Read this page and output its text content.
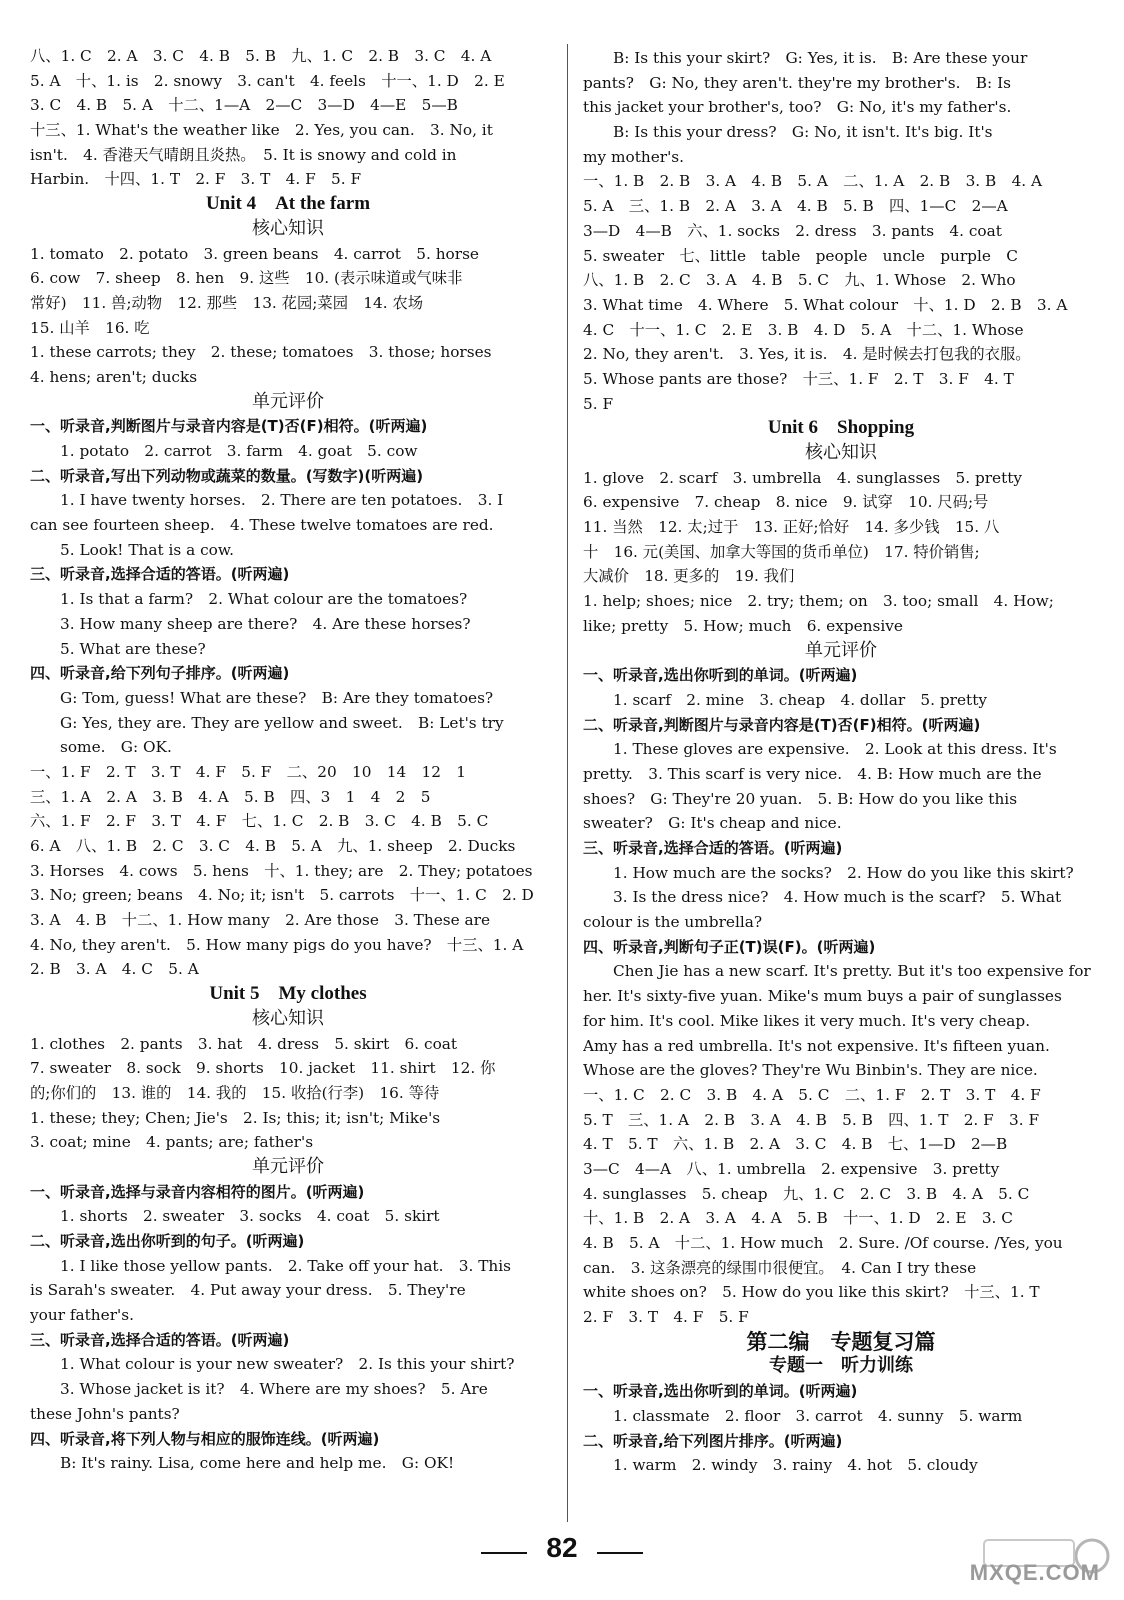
八、1. C　2. A　3. C　4. B　5. B　九、1. C　2. B　3. C　4. A
5. A　十、1. is　2. snowy　3. can't　4. feels　十一、1. D　2. E
3. C　4. B　5. A　十二、1—A　2—C　3—D　4—E　5—B
十三、1. What's the weather like　2. Yes, you can.　3. No, it
isn't.　4. 香港天气晴朗且炎热。　5. It is snowy and cold in
Harbin.　十四、1. T　2. F　3. T　4. F　5. F
Unit 4　At the farm
核心知识
1. tomato　2. potato　3. green beans　4. carrot　5. horse
6. cow　7. sheep　8. hen　9. 这些　10. (表示味道或气味非
常好)　11. 兽;动物　12. 那些　13. 花园;菜园　14. 农场
15. 山羊　16. 吃
1. these carrots; they　2. these; tomatoes　3. those; horses
4. hens; aren't; ducks
单元评价
一、听录音,判断图片与录音内容是(T)否(F)相符。(听两遍)
1. potato　2. carrot　3. farm　4. goat　5. cow
二、听录音,写出下列动物或蔬菜的数量。(写数字)(听两遍)
1. I have twenty horses.　2. There are ten potatoes.　3. I
can see fourteen sheep.　4. These twelve tomatoes are red.
5. Look! That is a cow.
三、听录音,选择合适的答语。(听两遍)
1. Is that a farm?　2. What colour are the tomatoes?
3. How many sheep are there?　4. Are these horses?
5. What are these?
四、听录音,给下列句子排序。(听两遍)
G: Tom, guess! What are these?　B: Are they tomatoes?
G: Yes, they are. They are yellow and sweet.　B: Let's try
some.　G: OK.
一、1. F　2. T　3. T　4. F　5. F　二、20　10　14　12　1
三、1. A　2. A　3. B　4. A　5. B　四、3　1　4　2　5
六、1. F　2. F　3. T　4. F　七、1. C　2. B　3. C　4. B　5. C
6. A　八、1. B　2. C　3. C　4. B　5. A　九、1. sheep　2. Ducks
3. Horses　4. cows　5. hens　十、1. they; are　2. They; potatoes
3. No; green; beans　4. No; it; isn't　5. carrots　十一、1. C　2. D
3. A　4. B　十二、1. How many　2. Are those　3. These are
4. No, they aren't.　5. How many pigs do you have?　十三、1. A
2. B　3. A　4. C　5. A
Unit 5　My clothes
核心知识
1. clothes　2. pants　3. hat　4. dress　5. skirt　6. coat
7. sweater　8. sock　9. shorts　10. jacket　11. shirt　12. 你
的;你们的　13. 谁的　14. 我的　15. 收拾(行李)　16. 等待
1. these; they; Chen; Jie's　2. Is; this; it; isn't; Mike's
3. coat; mine　4. pants; are; father's
单元评价
一、听录音,选择与录音内容相符的图片。(听两遍)
1. shorts　2. sweater　3. socks　4. coat　5. skirt
二、听录音,选出你听到的句子。(听两遍)
1. I like those yellow pants.　2. Take off your hat.　3. This
is Sarah's sweater.　4. Put away your dress.　5. They're
your father's.
三、听录音,选择合适的答语。(听两遍)
1. What colour is your new sweater?　2. Is this your shirt?
3. Whose jacket is it?　4. Where are my shoes?　5. Are
these John's pants?
四、听录音,将下列人物与相应的服饰连线。(听两遍)
B: It's rainy. Lisa, come here and help me.　G: OK!
B: Is this your skirt?　G: Yes, it is.　B: Are these your
pants?　G: No, they aren't. they're my brother's.　B: Is
this jacket your brother's, too?　G: No, it's my father's.
B: Is this your dress?　G: No, it isn't. It's big. It's
my mother's.
一、1. B　2. B　3. A　4. B　5. A　二、1. A　2. B　3. B　4. A
5. A　三、1. B　2. A　3. A　4. B　5. B　四、1—C　2—A
3—D　4—B　六、1. socks　2. dress　3. pants　4. coat
5. sweater　七、little　table　people　uncle　purple　C
八、1. B　2. C　3. A　4. B　5. C　九、1. Whose　2. Who
3. What time　4. Where　5. What colour　十、1. D　2. B　3. A
4. C　十一、1. C　2. E　3. B　4. D　5. A　十二、1. Whose
2. No, they aren't.　3. Yes, it is.　4. 是时候去打包我的衣服。
5. Whose pants are those?　十三、1. F　2. T　3. F　4. T
5. F
Unit 6　Shopping
核心知识
1. glove　2. scarf　3. umbrella　4. sunglasses　5. pretty
6. expensive　7. cheap　8. nice　9. 试穿　10. 尺码;号
11. 当然　12. 太;过于　13. 正好;恰好　14. 多少钱　15. 八
十　16. 元(美国、加拿大等国的货币单位)　17. 特价销售;
大减价　18. 更多的　19. 我们
1. help; shoes; nice　2. try; them; on　3. too; small　4. How;
like; pretty　5. How; much　6. expensive
单元评价
一、听录音,选出你听到的单词。(听两遍)
1. scarf　2. mine　3. cheap　4. dollar　5. pretty
二、听录音,判断图片与录音内容是(T)否(F)相符。(听两遍)
1. These gloves are expensive.　2. Look at this dress. It's
pretty.　3. This scarf is very nice.　4. B: How much are the
shoes?　G: They're 20 yuan.　5. B: How do you like this
sweater?　G: It's cheap and nice.
三、听录音,选择合适的答语。(听两遍)
1. How much are the socks?　2. How do you like this skirt?
3. Is the dress nice?　4. How much is the scarf?　5. What
colour is the umbrella?
四、听录音,判断句子正(T)误(F)。(听两遍)
Chen Jie has a new scarf. It's pretty. But it's too expensive for
her. It's sixty-five yuan. Mike's mum buys a pair of sunglasses
for him. It's cool. Mike likes it very much. It's very cheap.
Amy has a red umbrella. It's not expensive. It's fifteen yuan.
Whose are the gloves? They're Wu Binbin's. They are nice.
一、1. C　2. C　3. B　4. A　5. C　二、1. F　2. T　3. T　4. F
5. T　三、1. A　2. B　3. A　4. B　5. B　四、1. T　2. F　3. F
4. T　5. T　六、1. B　2. A　3. C　4. B　七、1—D　2—B
3—C　4—A　八、1. umbrella　2. expensive　3. pretty
4. sunglasses　5. cheap　九、1. C　2. C　3. B　4. A　5. C
十、1. B　2. A　3. A　4. A　5. B　十一、1. D　2. E　3. C
4. B　5. A　十二、1. How much　2. Sure. /Of course. /Yes, you
can.　3. 这条漂亮的绿围巾很便宜。　4. Can I try these
white shoes on?　5. How do you like this skirt?　十三、1. T
2. F　3. T　4. F　5. F
第二编　专题复习篇
专题一　听力训练
一、听录音,选出你听到的单词。(听两遍)
1. classmate　2. floor　3. carrot　4. sunny　5. warm
二、听录音,给下列图片排序。(听两遍)
1. warm　2. windy　3. rainy　4. hot　5. cloudy
82
MXQE.COM
